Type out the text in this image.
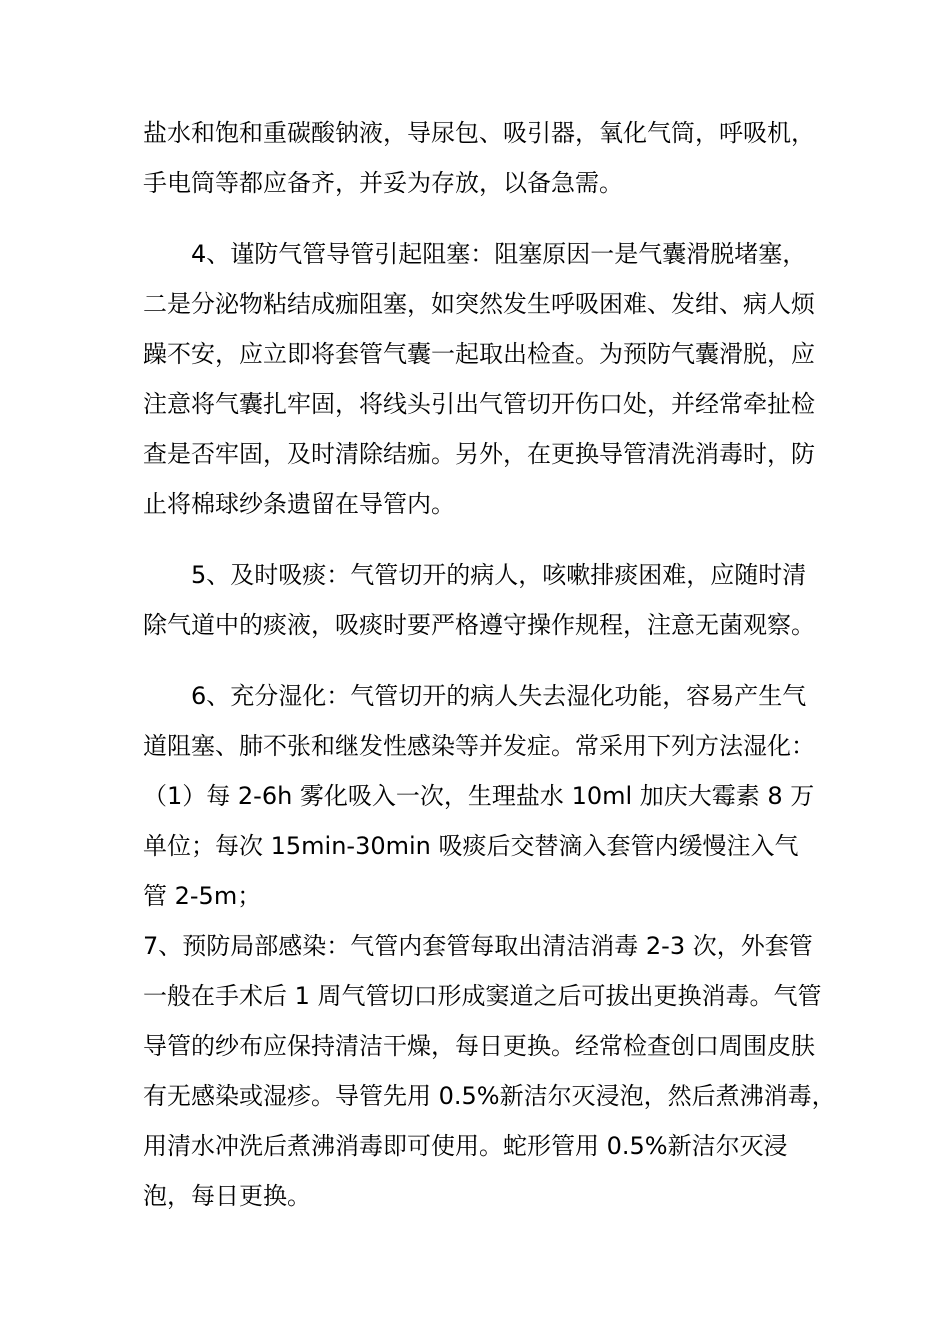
盐水和饱和重碳酸钠液，导尿包、吸引器，氧化气筒，呼吸机，
手电筒等都应备齐，并妥为存放，以备急需。
4、谨防气管导管引起阻塞：阻塞原因一是气囊滑脱堵塞，
二是分泌物粘结成痂阻塞，如突然发生呼吸困难、发绀、病人烦
躁不安，应立即将套管气囊一起取出检查。为预防气囊滑脱，应
注意将气囊扎牢固，将线头引出气管切开伤口处，并经常牵扯检
查是否牢固，及时清除结痂。另外，在更换导管清洗消毒时，防
止将棉球纱条遗留在导管内。
5、及时吸痰：气管切开的病人，咳嗽排痰困难，应随时清
除气道中的痰液，吸痰时要严格遵守操作规程，注意无菌观察。
6、充分湿化：气管切开的病人失去湿化功能，容易产生气
道阻塞、肺不张和继发性感染等并发症。常采用下列方法湿化：
（1）每 2-6h 雾化吸入一次，生理盐水 10ml 加庆大霉素 8 万
单位；每次 15min-30min 吸痰后交替滴入套管内缓慢注入气
管 2-5m；
7、预防局部感染：气管内套管每取出清洁消毒 2-3 次，外套管
一般在手术后 1 周气管切口形成窦道之后可拔出更换消毒。气管
导管的纱布应保持清洁干燥，每日更换。经常检查创口周围皮肤
有无感染或湿疹。导管先用 0.5%新洁尔灭浸泡，然后煮沸消毒，
用清水冲洗后煮沸消毒即可使用。蛇形管用 0.5%新洁尔灭浸
泡，每日更换。
